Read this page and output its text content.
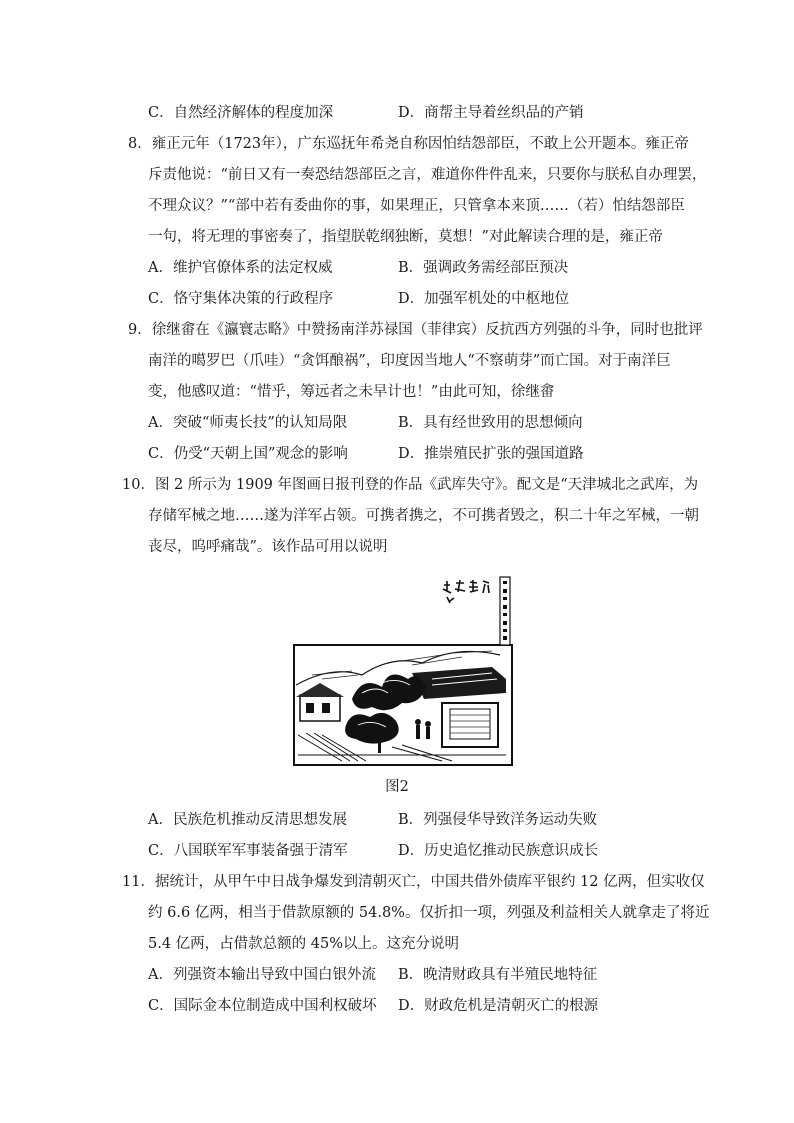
C．自然经济解体的程度加深	D．商帮主导着丝织品的产销
8．雍正元年（1723年），广东巡抚年希尧自称因怕结怨部臣，不敢上公开题本。雍正帝
斥责他说：“前日又有一奏恐结怨部臣之言，难道你件件乱来，只要你与朕私自办理罢，
不理众议？”“部中若有委曲你的事，如果理正，只管拿本来顶……（若）怕结怨部臣
一句，将无理的事密奏了，指望朕乾纲独断，莫想！”对此解读合理的是，雍正帝
A．维护官僚体系的法定权威	B．强调政务需经部臣预决
C．恪守集体决策的行政程序	D．加强军机处的中枢地位
9．徐继畬在《瀛寰志略》中赞扬南洋苏禄国（菲律宾）反抗西方列强的斗争，同时也批评
南洋的噶罗巴（爪哇）“贪饵酿祸”，印度因当地人“不察萌芽”而亡国。对于南洋巨
变，他感叹道：“惜乎，筹远者之未早计也！”由此可知，徐继畬
A．突破“师夷长技”的认知局限	B．具有经世致用的思想倾向
C．仍受“天朝上国”观念的影响	D．推崇殖民扩张的强国道路
10．图 2 所示为 1909 年图画日报刊登的作品《武库失守》。配文是“天津城北之武库，为
存储军械之地……遂为洋军占领。可携者携之，不可携者毁之，积二十年之军械，一朝
丧尽，呜呼痛哉”。该作品可用以说明
图2
A．民族危机推动反清思想发展	B．列强侵华导致洋务运动失败
C．八国联军军事装备强于清军	D．历史追忆推动民族意识成长
11．据统计，从甲午中日战争爆发到清朝灭亡，中国共借外债库平银约 12 亿两，但实收仅
约 6.6 亿两，相当于借款原额的 54.8%。仅折扣一项，列强及利益相关人就拿走了将近
5.4 亿两，占借款总额的 45%以上。这充分说明
A．列强资本输出导致中国白银外流 B．晚清财政具有半殖民地特征
C．国际金本位制造成中国利权破坏 D．财政危机是清朝灭亡的根源
